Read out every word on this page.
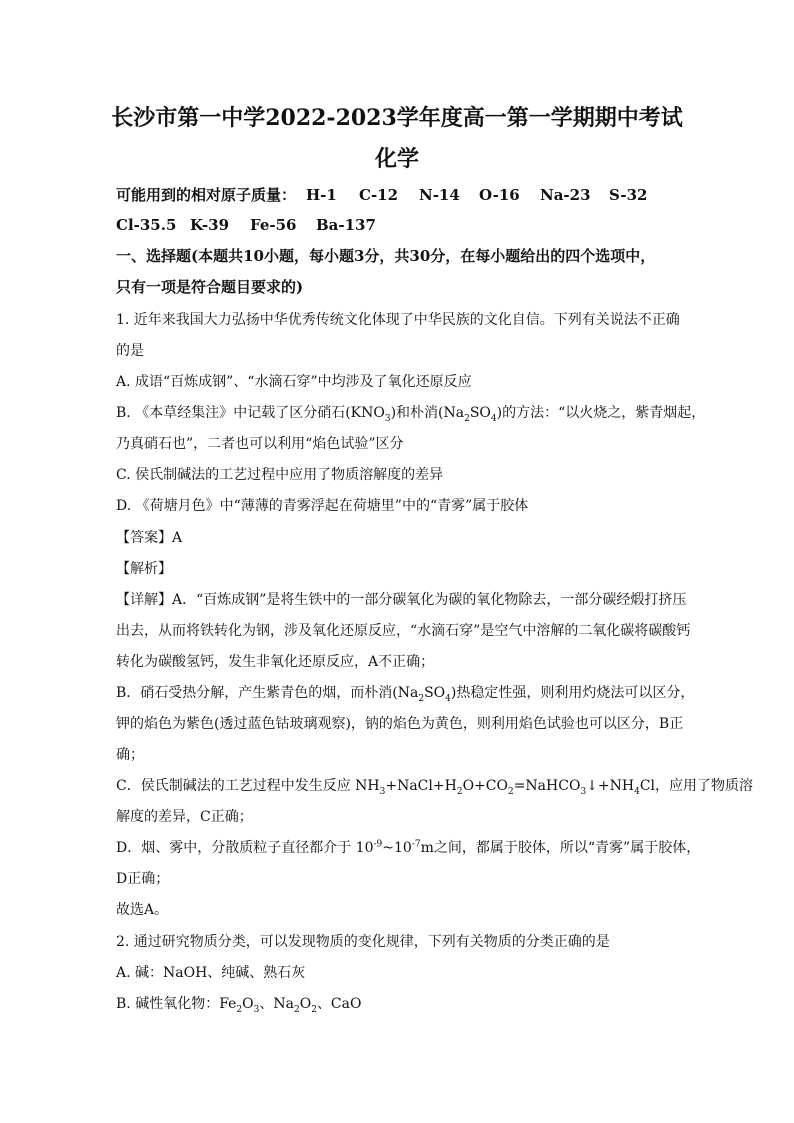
长沙市第一中学2022-2023学年度高一第一学期期中考试
化学
可能用到的相对原子质量： H-1 C-12 N-14 O-16 Na-23 S-32
Cl-35.5 K-39 Fe-56 Ba-137
一、选择题(本题共10小题，每小题3分，共30分，在每小题给出的四个选项中，
只有一项是符合题目要求的)
1. 近年来我国大力弘扬中华优秀传统文化体现了中华民族的文化自信。下列有关说法不正确
的是
A. 成语“百炼成钢”、“水滴石穿”中均涉及了氧化还原反应
B. 《本草经集注》中记载了区分硝石$(KNO_3)$和朴消$(Na_2SO_4)$的方法：“以火烧之，紫青烟起，
乃真硝石也”，二者也可以利用“焰色试验”区分
C. 侯氏制碱法的工艺过程中应用了物质溶解度的差异
D. 《荷塘月色》中“薄薄的青雾浮起在荷塘里”中的“青雾”属于胶体
【答案】A
【解析】
【详解】A．“百炼成钢”是将生铁中的一部分碳氧化为碳的氧化物除去，一部分碳经煅打挤压
出去，从而将铁转化为钢，涉及氧化还原反应，“水滴石穿”是空气中溶解的二氧化碳将碳酸钙
转化为碳酸氢钙，发生非氧化还原反应，A不正确；
B．硝石受热分解，产生紫青色的烟，而朴消$(Na_2SO_4)$热稳定性强，则利用灼烧法可以区分，
钾的焰色为紫色(透过蓝色钴玻璃观察)，钠的焰色为黄色，则利用焰色试验也可以区分，B正
确；
C．侯氏制碱法的工艺过程中发生反应 $NH_3+NaCl+H_2O+CO_2=NaHCO_3↓+NH_4Cl$，应用了物质溶
解度的差异，C正确；
D．烟、雾中，分散质粒子直径都介于 $10^{-9}\sim 10^{-7}m$之间，都属于胶体，所以“青雾”属于胶体，
D正确；
故选A。
2. 通过研究物质分类，可以发现物质的变化规律，下列有关物质的分类正确的是
A. 碱：NaOH、纯碱、熟石灰
B. 碱性氧化物：$Fe_2O_3$、$Na_2O_2$、CaO
